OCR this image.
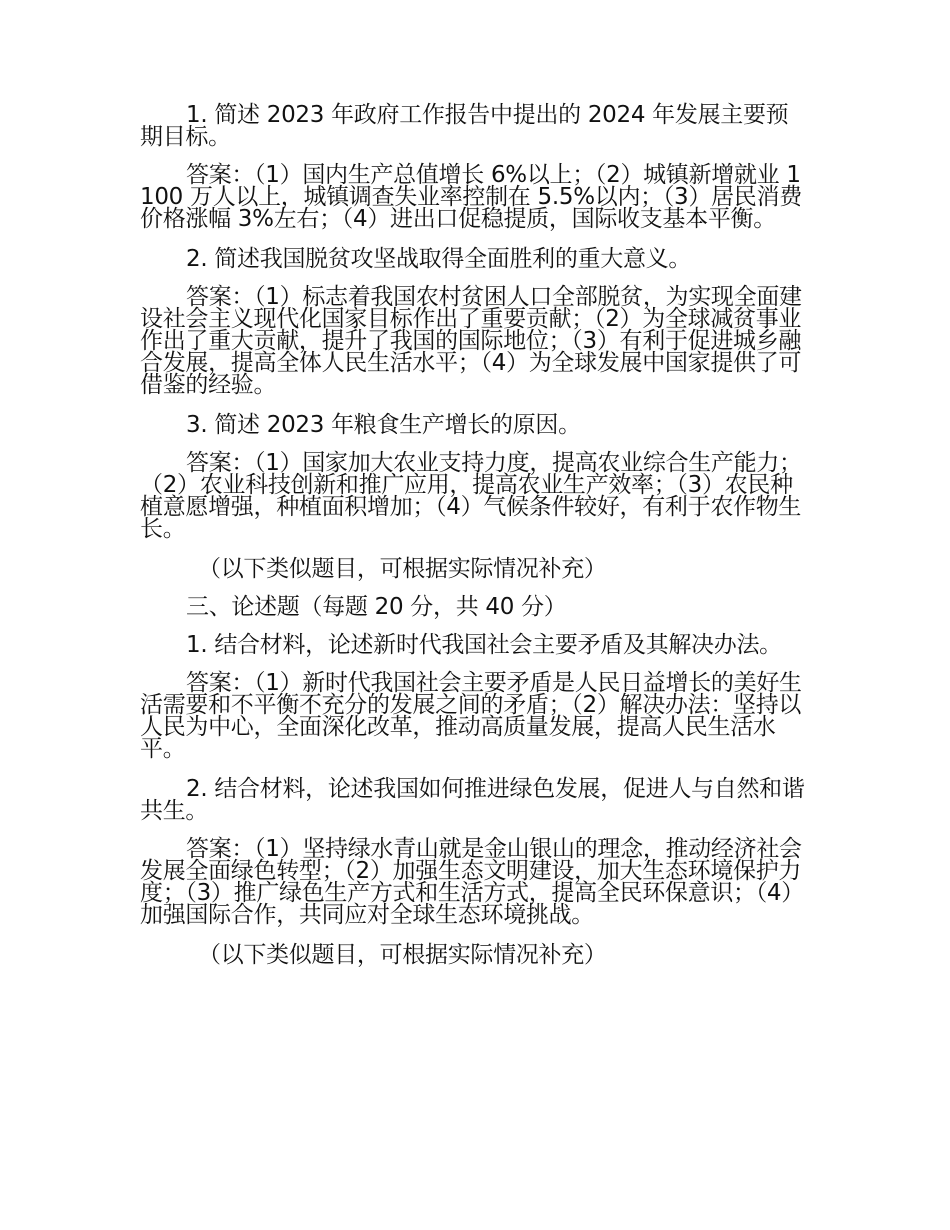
1. 简述 2023 年政府工作报告中提出的 2024 年发展主要预期目标。

答案：（1）国内生产总值增长 6%以上；（2）城镇新增就业 1100 万人以上，城镇调查失业率控制在 5.5%以内；（3）居民消费价格涨幅 3%左右；（4）进出口促稳提质，国际收支基本平衡。

2. 简述我国脱贫攻坚战取得全面胜利的重大意义。

答案：（1）标志着我国农村贫困人口全部脱贫，为实现全面建设社会主义现代化国家目标作出了重要贡献；（2）为全球减贫事业作出了重大贡献，提升了我国的国际地位；（3）有利于促进城乡融合发展，提高全体人民生活水平；（4）为全球发展中国家提供了可借鉴的经验。

3. 简述 2023 年粮食生产增长的原因。

答案：（1）国家加大农业支持力度，提高农业综合生产能力；（2）农业科技创新和推广应用，提高农业生产效率；（3）农民种植意愿增强，种植面积增加；（4）气候条件较好，有利于农作物生长。

（以下类似题目，可根据实际情况补充）

三、论述题（每题 20 分，共 40 分）

1. 结合材料，论述新时代我国社会主要矛盾及其解决办法。

答案：（1）新时代我国社会主要矛盾是人民日益增长的美好生活需要和不平衡不充分的发展之间的矛盾；（2）解决办法：坚持以人民为中心，全面深化改革，推动高质量发展，提高人民生活水平。

2. 结合材料，论述我国如何推进绿色发展，促进人与自然和谐共生。

答案：（1）坚持绿水青山就是金山银山的理念，推动经济社会发展全面绿色转型；（2）加强生态文明建设，加大生态环境保护力度；（3）推广绿色生产方式和生活方式，提高全民环保意识；（4）加强国际合作，共同应对全球生态环境挑战。

（以下类似题目，可根据实际情况补充）
